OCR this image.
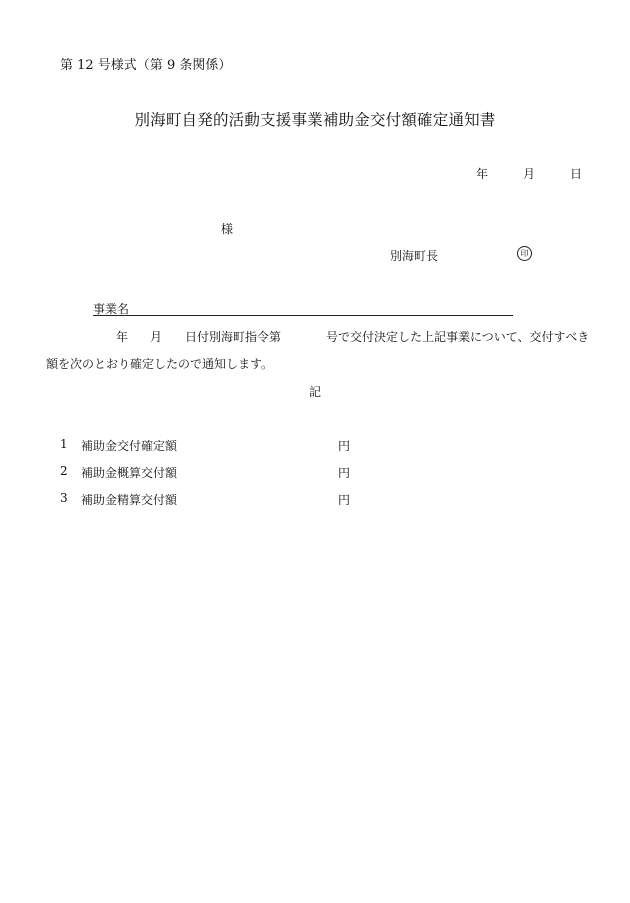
第 12 号様式（第 9 条関係）
別海町自発的活動支援事業補助金交付額確定通知書
年	月	日
様
別海町長	印
事業名
年 月 日付別海町指令第	号で交付決定した上記事業について、交付すべき
額を次のとおり確定したので通知します。
記
1 補助金交付確定額	円
2 補助金概算交付額	円
3 補助金精算交付額	円
